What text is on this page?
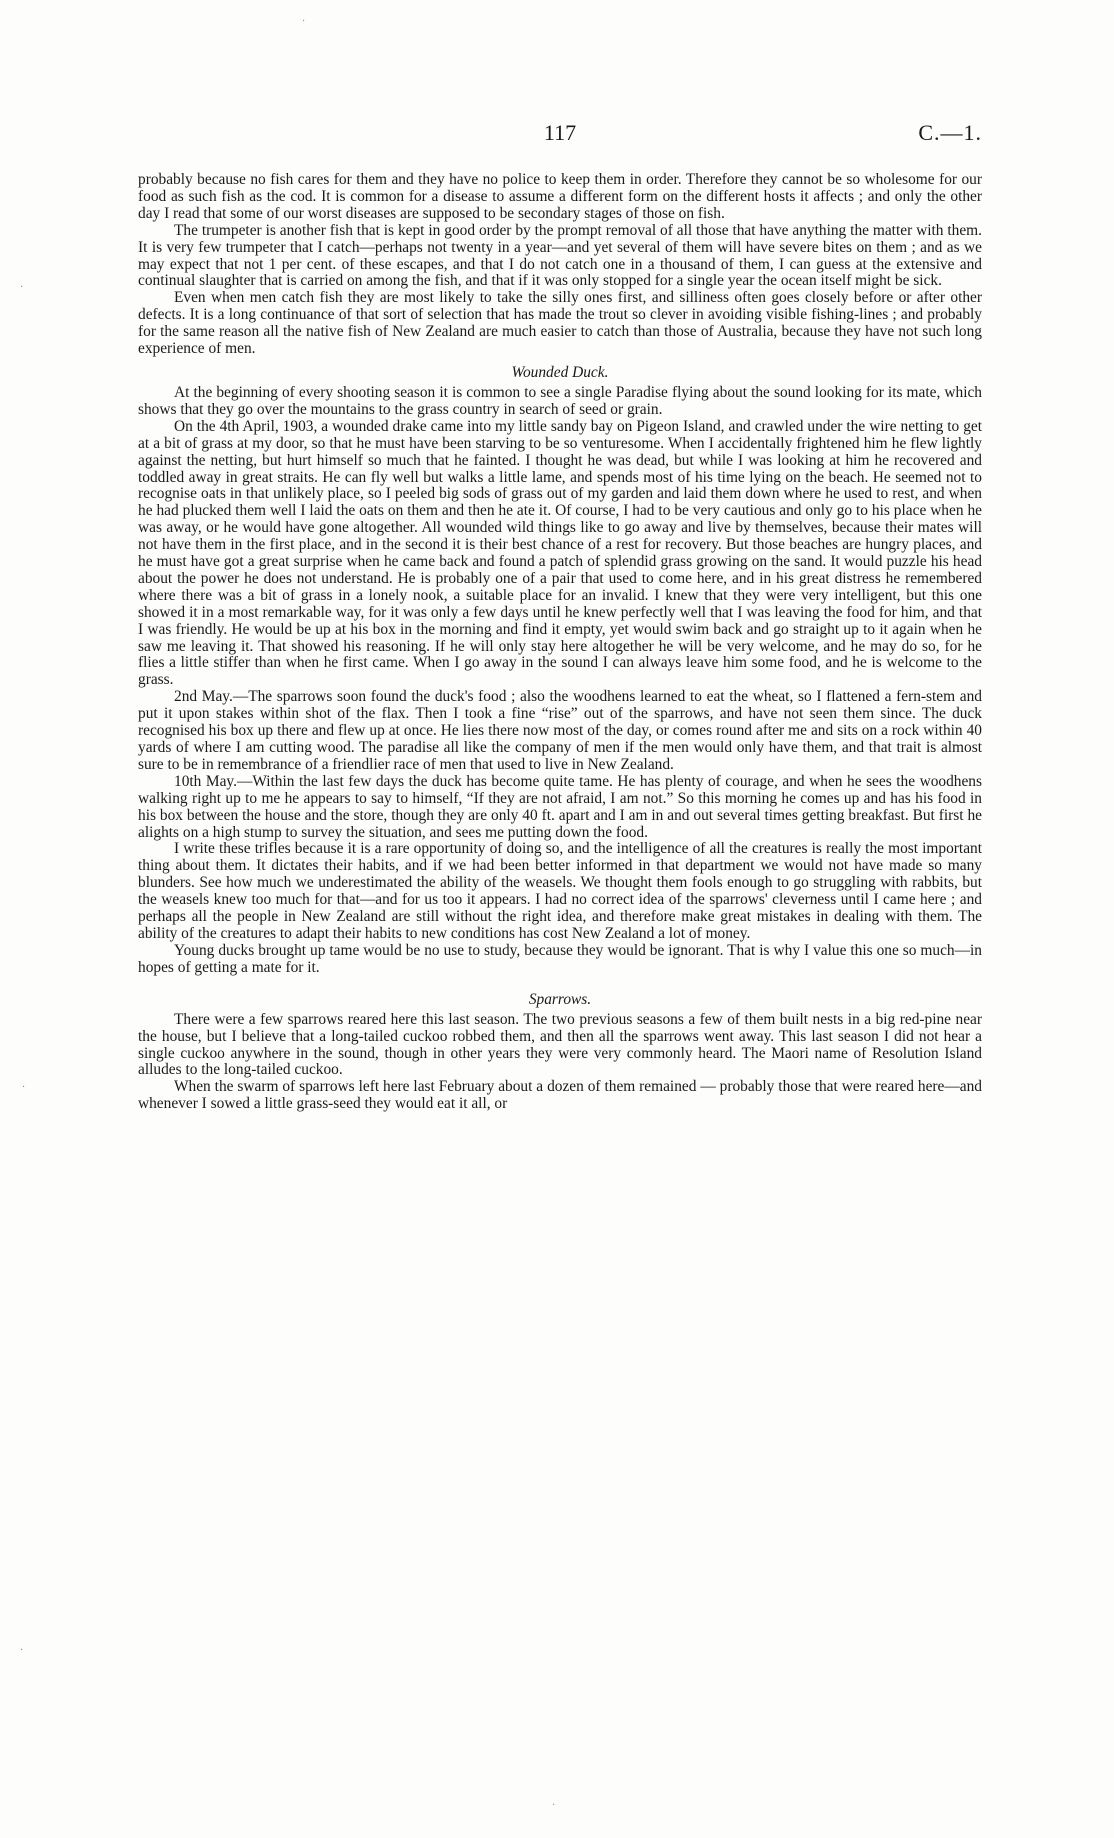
·
·
·
·
·
117	C.—1.

probably because no fish cares for them and they have no police to keep them in order. Therefore they cannot be so wholesome for our food as such fish as the cod. It is common for a disease to assume a different form on the different hosts it affects ; and only the other day I read that some of our worst diseases are supposed to be secondary stages of those on fish.

The trumpeter is another fish that is kept in good order by the prompt removal of all those that have anything the matter with them. It is very few trumpeter that I catch—perhaps not twenty in a year—and yet several of them will have severe bites on them ; and as we may expect that not 1 per cent. of these escapes, and that I do not catch one in a thousand of them, I can guess at the extensive and continual slaughter that is carried on among the fish, and that if it was only stopped for a single year the ocean itself might be sick.

Even when men catch fish they are most likely to take the silly ones first, and silliness often goes closely before or after other defects. It is a long continuance of that sort of selection that has made the trout so clever in avoiding visible fishing-lines ; and probably for the same reason all the native fish of New Zealand are much easier to catch than those of Australia, because they have not such long experience of men.

Wounded Duck.

At the beginning of every shooting season it is common to see a single Paradise flying about the sound looking for its mate, which shows that they go over the mountains to the grass country in search of seed or grain.

On the 4th April, 1903, a wounded drake came into my little sandy bay on Pigeon Island, and crawled under the wire netting to get at a bit of grass at my door, so that he must have been starving to be so venturesome. When I accidentally frightened him he flew lightly against the netting, but hurt himself so much that he fainted. I thought he was dead, but while I was looking at him he recovered and toddled away in great straits. He can fly well but walks a little lame, and spends most of his time lying on the beach. He seemed not to recognise oats in that unlikely place, so I peeled big sods of grass out of my garden and laid them down where he used to rest, and when he had plucked them well I laid the oats on them and then he ate it. Of course, I had to be very cautious and only go to his place when he was away, or he would have gone altogether. All wounded wild things like to go away and live by themselves, because their mates will not have them in the first place, and in the second it is their best chance of a rest for recovery. But those beaches are hungry places, and he must have got a great surprise when he came back and found a patch of splendid grass growing on the sand. It would puzzle his head about the power he does not understand. He is probably one of a pair that used to come here, and in his great distress he remembered where there was a bit of grass in a lonely nook, a suitable place for an invalid. I knew that they were very intelligent, but this one showed it in a most remarkable way, for it was only a few days until he knew perfectly well that I was leaving the food for him, and that I was friendly. He would be up at his box in the morning and find it empty, yet would swim back and go straight up to it again when he saw me leaving it. That showed his reasoning. If he will only stay here altogether he will be very welcome, and he may do so, for he flies a little stiffer than when he first came. When I go away in the sound I can always leave him some food, and he is welcome to the grass.

2nd May.—The sparrows soon found the duck's food ; also the woodhens learned to eat the wheat, so I flattened a fern-stem and put it upon stakes within shot of the flax. Then I took a fine “rise” out of the sparrows, and have not seen them since. The duck recognised his box up there and flew up at once. He lies there now most of the day, or comes round after me and sits on a rock within 40 yards of where I am cutting wood. The paradise all like the company of men if the men would only have them, and that trait is almost sure to be in remembrance of a friendlier race of men that used to live in New Zealand.

10th May.—Within the last few days the duck has become quite tame. He has plenty of courage, and when he sees the woodhens walking right up to me he appears to say to himself, “If they are not afraid, I am not.” So this morning he comes up and has his food in his box between the house and the store, though they are only 40 ft. apart and I am in and out several times getting breakfast. But first he alights on a high stump to survey the situation, and sees me putting down the food.

I write these trifles because it is a rare opportunity of doing so, and the intelligence of all the creatures is really the most important thing about them. It dictates their habits, and if we had been better informed in that department we would not have made so many blunders. See how much we underestimated the ability of the weasels. We thought them fools enough to go struggling with rabbits, but the weasels knew too much for that—and for us too it appears. I had no correct idea of the sparrows' cleverness until I came here ; and perhaps all the people in New Zealand are still without the right idea, and therefore make great mistakes in dealing with them. The ability of the creatures to adapt their habits to new conditions has cost New Zealand a lot of money.

Young ducks brought up tame would be no use to study, because they would be ignorant. That is why I value this one so much—in hopes of getting a mate for it.

Sparrows.

There were a few sparrows reared here this last season. The two previous seasons a few of them built nests in a big red-pine near the house, but I believe that a long-tailed cuckoo robbed them, and then all the sparrows went away. This last season I did not hear a single cuckoo anywhere in the sound, though in other years they were very commonly heard. The Maori name of Resolution Island alludes to the long-tailed cuckoo.

When the swarm of sparrows left here last February about a dozen of them remained — probably those that were reared here—and whenever I sowed a little grass-seed they would eat it all, or
